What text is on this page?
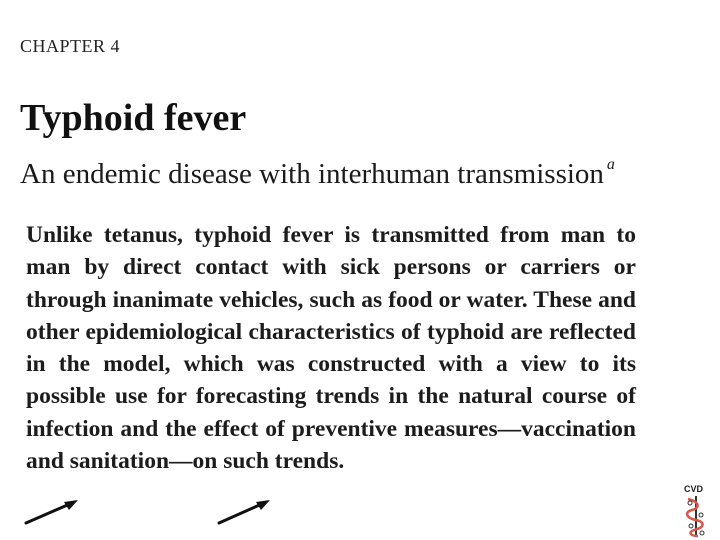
CHAPTER 4
Typhoid fever
An endemic disease with interhuman transmission $^a$
Unlike tetanus, typhoid fever is transmitted from man to man by direct contact with sick persons or carriers or through inanimate vehicles, such as food or water. These and other epidemiological characteristics of typhoid are reflected in the model, which was constructed with a view to its possible use for forecasting trends in the natural course of infection and the effect of preventive measures—vaccination and sanitation—on such trends.
CVD
